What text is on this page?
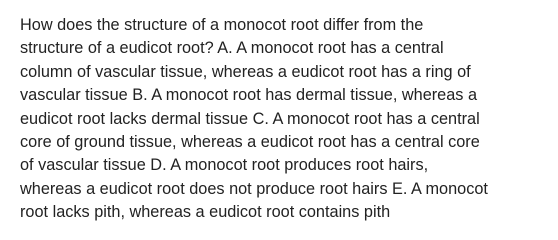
How does the structure of a monocot root differ from the
structure of a eudicot root? A. A monocot root has a central
column of vascular tissue, whereas a eudicot root has a ring of
vascular tissue B. A monocot root has dermal tissue, whereas a
eudicot root lacks dermal tissue C. A monocot root has a central
core of ground tissue, whereas a eudicot root has a central core
of vascular tissue D. A monocot root produces root hairs,
whereas a eudicot root does not produce root hairs E. A monocot
root lacks pith, whereas a eudicot root contains pith
